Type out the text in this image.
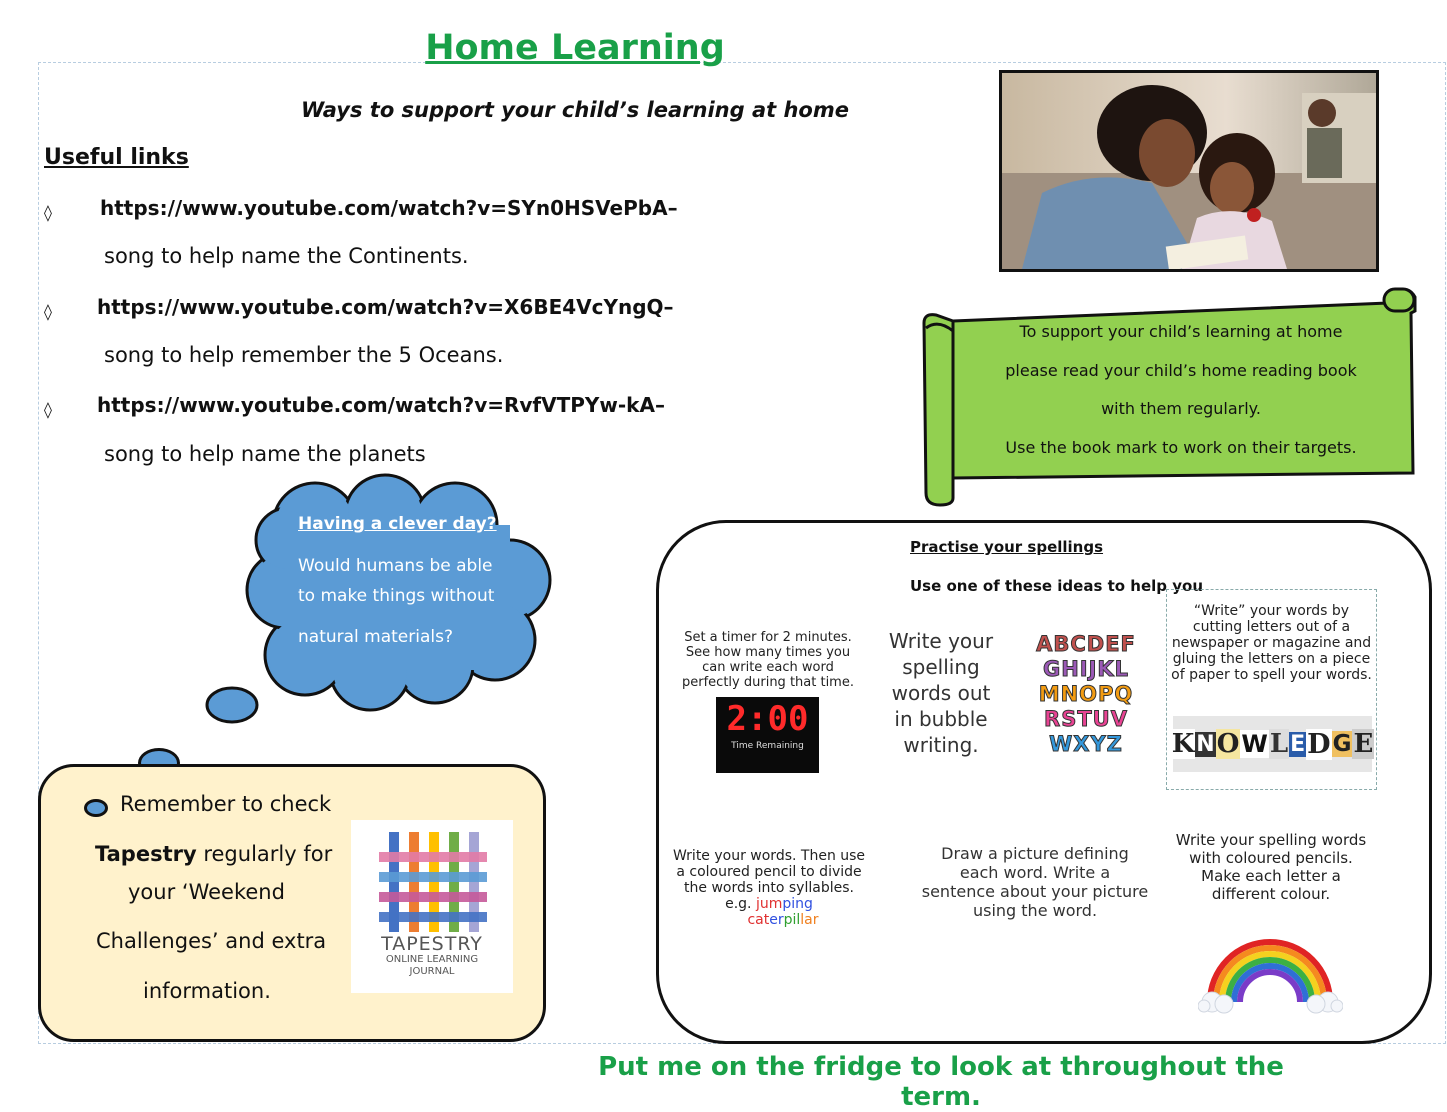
Home Learning
Ways to support your child’s learning at home
Useful links
◊ https://www.youtube.com/watch?v=SYn0HSVePbA–
song to help name the Continents.
◊ https://www.youtube.com/watch?v=X6BE4VcYngQ–
song to help remember the 5 Oceans.
◊ https://www.youtube.com/watch?v=RvfVTPYw-kA–
song to help name the planets
To support your child’s learning at home
please read your child’s home reading book
with them regularly.
Use the book mark to work on their targets.
Having a clever day?
Would humans be able
to make things without
natural materials?
Remember to check
Tapestry regularly for
your ‘Weekend
Challenges’ and extra
information.
TAPESTRY
ONLINE LEARNING
JOURNAL
Practise your spellings
Use one of these ideas to help you
Set a timer for 2 minutes.
See how many times you
can write each word
perfectly during that time.
2:00
Time Remaining
Write your
spelling
words out
in bubble
writing.
ABCDEF
GHIJKL
MNOPQ
RSTUV
WXYZ
“Write” your words by
cutting letters out of a
newspaper or magazine and
gluing the letters on a piece
of paper to spell your words.
K N O W L E D G E
Write your words. Then use
a coloured pencil to divide
the words into syllables.
e.g. jumping
caterpillar
Draw a picture defining
each word. Write a
sentence about your picture
using the word.
Write your spelling words
with coloured pencils.
Make each letter a
different colour.
Put me on the fridge to look at throughout the term.
